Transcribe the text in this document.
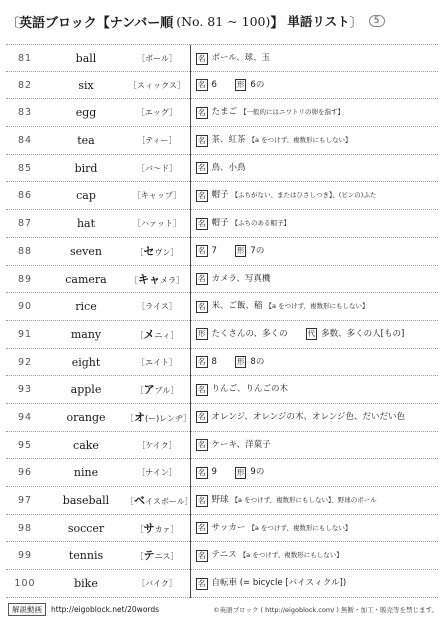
〔 英語ブロック 【 ナンバー順 (No. 81 ~ 100) 】 単語リスト 〕	5
81	ball	［ボール］	名 ボール、球、玉
82	six	［スィックス］	名 6	形 6の
83	egg	［エッグ］	名 たまご 【一般的にはニワトリの卵を指す】
84	tea	［ティー］	名 茶、紅茶 【a をつけず、複数形にもしない】
85	bird	［バ～ド］	名 鳥、小鳥
86	cap	［キャップ］	名 帽子 【ふちがない、またはひさしつき】、(ビンの)ふた
87	hat	［ハァット］	名 帽子 【ふちのある帽子】
88	seven	［セヴン］	名 7	形 7の
89	camera	［キャメラ］	名 カメラ、写真機
90	rice	［ライス］	名 米、ご飯、稲 【a をつけず、複数形にもしない】
91	many	［メニィ］	形 たくさんの、多くの	代 多数、多くの人[もの]
92	eight	［エイト］	名 8	形 8の
93	apple	［アプル］	名 りんご、りんごの木
94	orange	［オ(ー)レンヂ］ 名 オレンジ、オレンジの木、オレンジ色、だいだい色
95	cake	［ケイク］	名 ケーキ、洋菓子
96	nine	［ナイン］	名 9	形 9の
97	baseball	［ベイスボール］ 名 野球 【a をつけず、複数形にもしない】、野球のボール
98	soccer	［サカァ］	名 サッカー 【a をつけず、複数形にもしない】
99	tennis	［テニス］	名 テニス 【a をつけず、複数形にもしない】
100	bike	［バイク］	名 自転車 (= bicycle [バイスィクル])
解説動画	http://eigoblock.net/20words	©英語ブロック ( http://eigoblock.com/ ) 無断・加工・販売等を禁じます。
